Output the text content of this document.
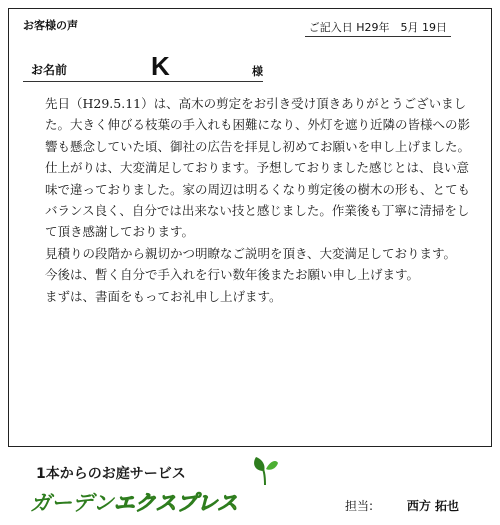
お客様の声	ご記入日 H29年　5月 19日
お名前	K	様

先日（H29.5.11）は、高木の剪定をお引き受け頂きありがとうございました。大きく伸びる枝葉の手入れも困難になり、外灯を遮り近隣の皆様への影響も懸念していた頃、御社の広告を拝見し初めてお願いを申し上げました。

仕上がりは、大変満足しております。予想しておりました感じとは、良い意味で違っておりました。家の周辺は明るくなり剪定後の樹木の形も、とてもバランス良く、自分では出来ない技と感じました。作業後も丁寧に清掃をして頂き感謝しております。

見積りの段階から親切かつ明瞭なご説明を頂き、大変満足しております。

今後は、暫く自分で手入れを行い数年後またお願い申し上げます。

まずは、書面をもってお礼申し上げます。

1本からのお庭サービス
ガーデンエクスプレス	担当:	西方 拓也
